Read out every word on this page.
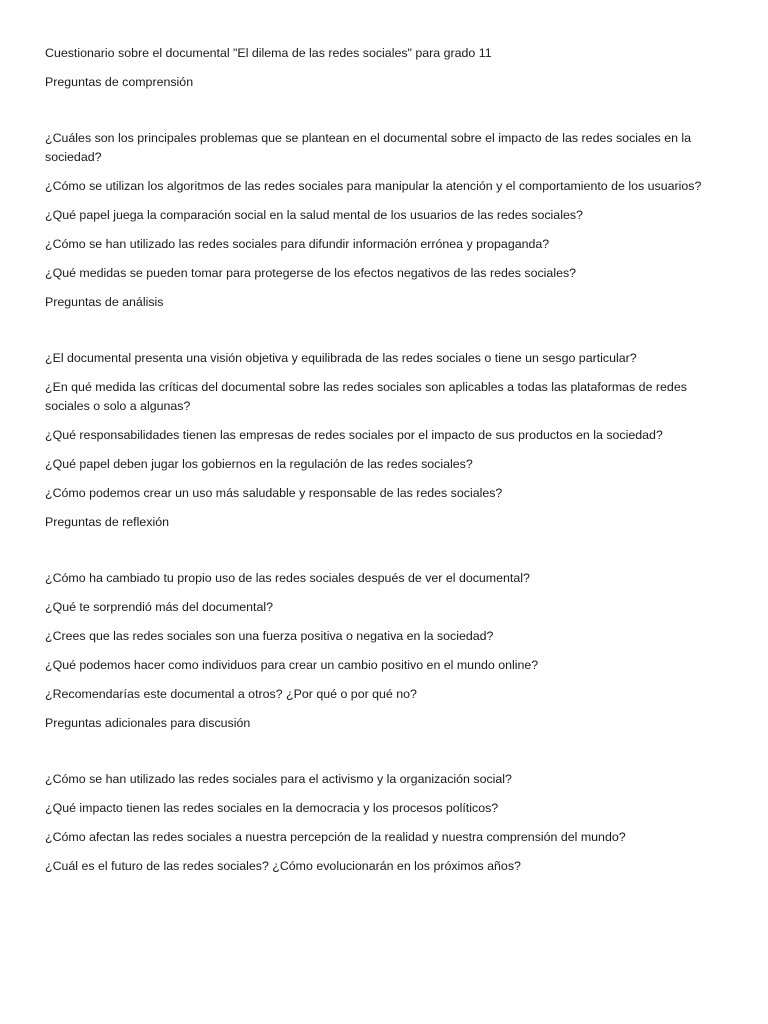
Cuestionario sobre el documental "El dilema de las redes sociales" para grado 11

Preguntas de comprensión

¿Cuáles son los principales problemas que se plantean en el documental sobre el impacto de las redes sociales en la sociedad?

¿Cómo se utilizan los algoritmos de las redes sociales para manipular la atención y el comportamiento de los usuarios?

¿Qué papel juega la comparación social en la salud mental de los usuarios de las redes sociales?

¿Cómo se han utilizado las redes sociales para difundir información errónea y propaganda?

¿Qué medidas se pueden tomar para protegerse de los efectos negativos de las redes sociales?

Preguntas de análisis

¿El documental presenta una visión objetiva y equilibrada de las redes sociales o tiene un sesgo particular?

¿En qué medida las críticas del documental sobre las redes sociales son aplicables a todas las plataformas de redes sociales o solo a algunas?

¿Qué responsabilidades tienen las empresas de redes sociales por el impacto de sus productos en la sociedad?

¿Qué papel deben jugar los gobiernos en la regulación de las redes sociales?

¿Cómo podemos crear un uso más saludable y responsable de las redes sociales?

Preguntas de reflexión

¿Cómo ha cambiado tu propio uso de las redes sociales después de ver el documental?

¿Qué te sorprendió más del documental?

¿Crees que las redes sociales son una fuerza positiva o negativa en la sociedad?

¿Qué podemos hacer como individuos para crear un cambio positivo en el mundo online?

¿Recomendarías este documental a otros? ¿Por qué o por qué no?

Preguntas adicionales para discusión

¿Cómo se han utilizado las redes sociales para el activismo y la organización social?

¿Qué impacto tienen las redes sociales en la democracia y los procesos políticos?

¿Cómo afectan las redes sociales a nuestra percepción de la realidad y nuestra comprensión del mundo?

¿Cuál es el futuro de las redes sociales? ¿Cómo evolucionarán en los próximos años?
